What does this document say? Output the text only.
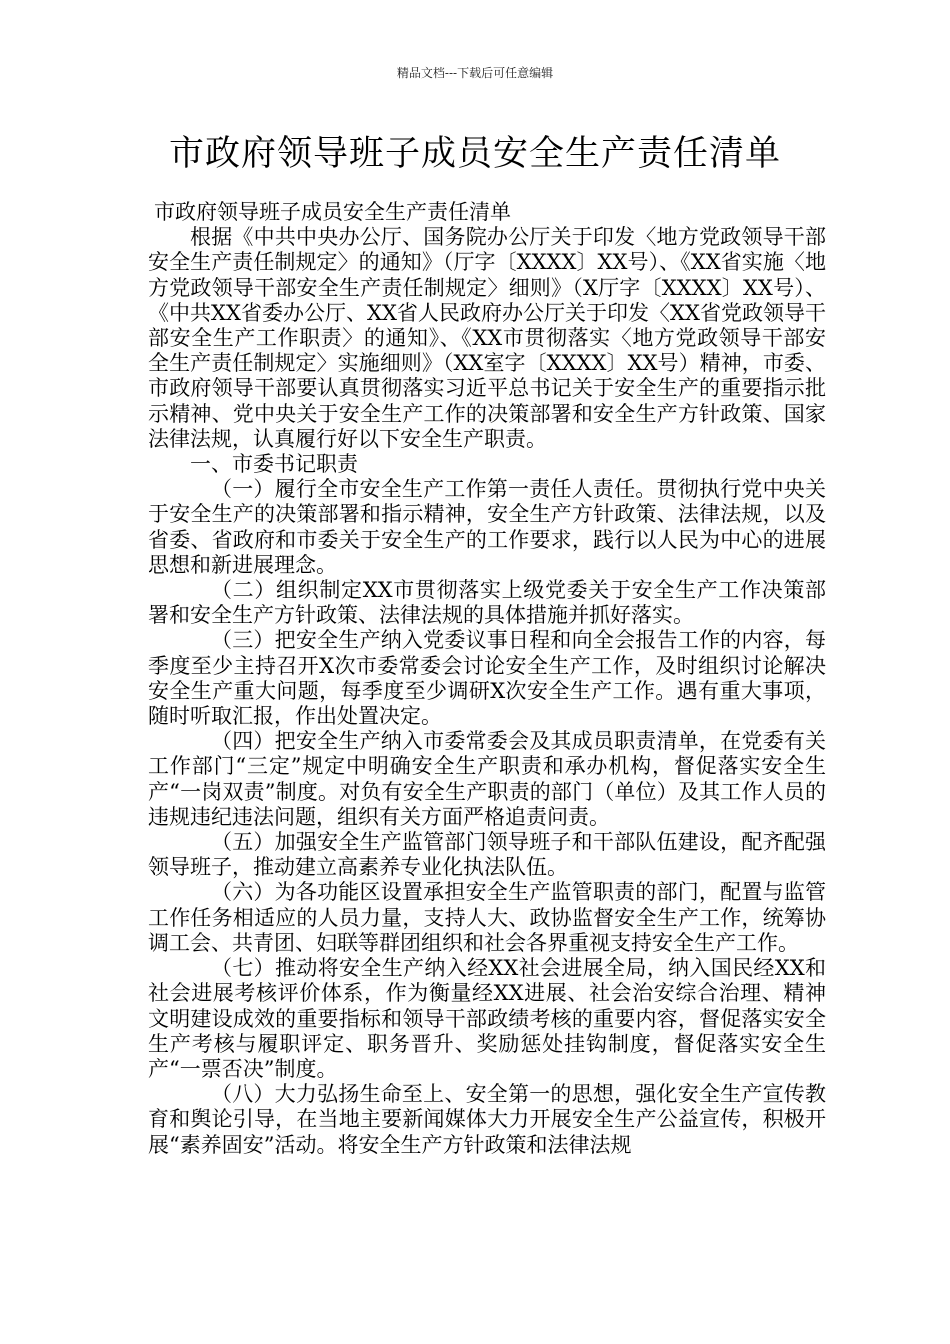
精品文档---下载后可任意编辑
市政府领导班子成员安全生产责任清单

市政府领导班子成员安全生产责任清单

根据《中共中央办公厅、国务院办公厅关于印发〈地方党政领导干部安全生产责任制规定〉的通知》（厅字〔XXXX〕XX号）、《XX省实施〈地方党政领导干部安全生产责任制规定〉细则》（X厅字〔XXXX〕XX号）、《中共XX省委办公厅、XX省人民政府办公厅关于印发〈XX省党政领导干部安全生产工作职责〉的通知》、《XX市贯彻落实〈地方党政领导干部安全生产责任制规定〉实施细则》（XX室字〔XXXX〕XX号）精神，市委、市政府领导干部要认真贯彻落实习近平总书记关于安全生产的重要指示批示精神、党中央关于安全生产工作的决策部署和安全生产方针政策、国家法律法规，认真履行好以下安全生产职责。

一、市委书记职责

（一）履行全市安全生产工作第一责任人责任。贯彻执行党中央关于安全生产的决策部署和指示精神，安全生产方针政策、法律法规，以及省委、省政府和市委关于安全生产的工作要求，践行以人民为中心的进展思想和新进展理念。

（二）组织制定XX市贯彻落实上级党委关于安全生产工作决策部署和安全生产方针政策、法律法规的具体措施并抓好落实。

（三）把安全生产纳入党委议事日程和向全会报告工作的内容，每季度至少主持召开X次市委常委会讨论安全生产工作，及时组织讨论解决安全生产重大问题，每季度至少调研X次安全生产工作。遇有重大事项，随时听取汇报，作出处置决定。

（四）把安全生产纳入市委常委会及其成员职责清单，在党委有关工作部门“三定”规定中明确安全生产职责和承办机构，督促落实安全生产“一岗双责”制度。对负有安全生产职责的部门（单位）及其工作人员的违规违纪违法问题，组织有关方面严格追责问责。

（五）加强安全生产监管部门领导班子和干部队伍建设，配齐配强领导班子，推动建立高素养专业化执法队伍。

（六）为各功能区设置承担安全生产监管职责的部门，配置与监管工作任务相适应的人员力量，支持人大、政协监督安全生产工作，统筹协调工会、共青团、妇联等群团组织和社会各界重视支持安全生产工作。

（七）推动将安全生产纳入经XX社会进展全局，纳入国民经XX和社会进展考核评价体系，作为衡量经XX进展、社会治安综合治理、精神文明建设成效的重要指标和领导干部政绩考核的重要内容，督促落实安全生产考核与履职评定、职务晋升、奖励惩处挂钩制度，督促落实安全生产“一票否决”制度。

（八）大力弘扬生命至上、安全第一的思想，强化安全生产宣传教育和舆论引导，在当地主要新闻媒体大力开展安全生产公益宣传，积极开展“素养固安”活动。将安全生产方针政策和法律法规
